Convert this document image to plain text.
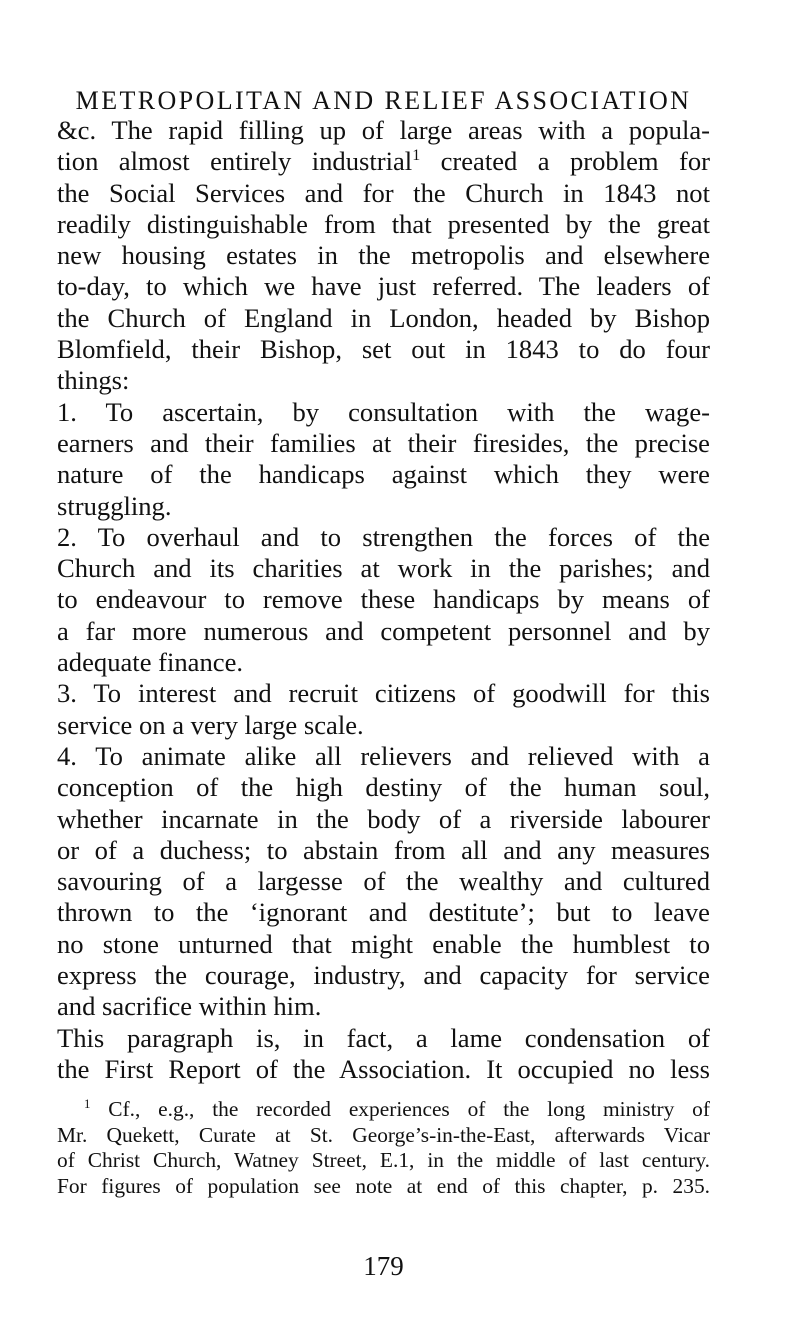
METROPOLITAN AND RELIEF ASSOCIATION
&c. The rapid filling up of large areas with a popula-
tion almost entirely industrial$^1$ created a problem for
the Social Services and for the Church in 1843 not
readily distinguishable from that presented by the great
new housing estates in the metropolis and elsewhere
to-day, to which we have just referred. The leaders of
the Church of England in London, headed by Bishop
Blomfield, their Bishop, set out in 1843 to do four
things:
1. To ascertain, by consultation with the wage-
earners and their families at their firesides, the precise
nature of the handicaps against which they were
struggling.
2. To overhaul and to strengthen the forces of the
Church and its charities at work in the parishes; and
to endeavour to remove these handicaps by means of
a far more numerous and competent personnel and by
adequate finance.
3. To interest and recruit citizens of goodwill for this
service on a very large scale.
4. To animate alike all relievers and relieved with a
conception of the high destiny of the human soul,
whether incarnate in the body of a riverside labourer
or of a duchess; to abstain from all and any measures
savouring of a largesse of the wealthy and cultured
thrown to the ‘ignorant and destitute’; but to leave
no stone unturned that might enable the humblest to
express the courage, industry, and capacity for service
and sacrifice within him.
This paragraph is, in fact, a lame condensation of
the First Report of the Association. It occupied no less
$^1$ Cf., e.g., the recorded experiences of the long ministry of
Mr. Quekett, Curate at St. George’s-in-the-East, afterwards Vicar
of Christ Church, Watney Street, E.1, in the middle of last century.
For figures of population see note at end of this chapter, p. 235.
179
